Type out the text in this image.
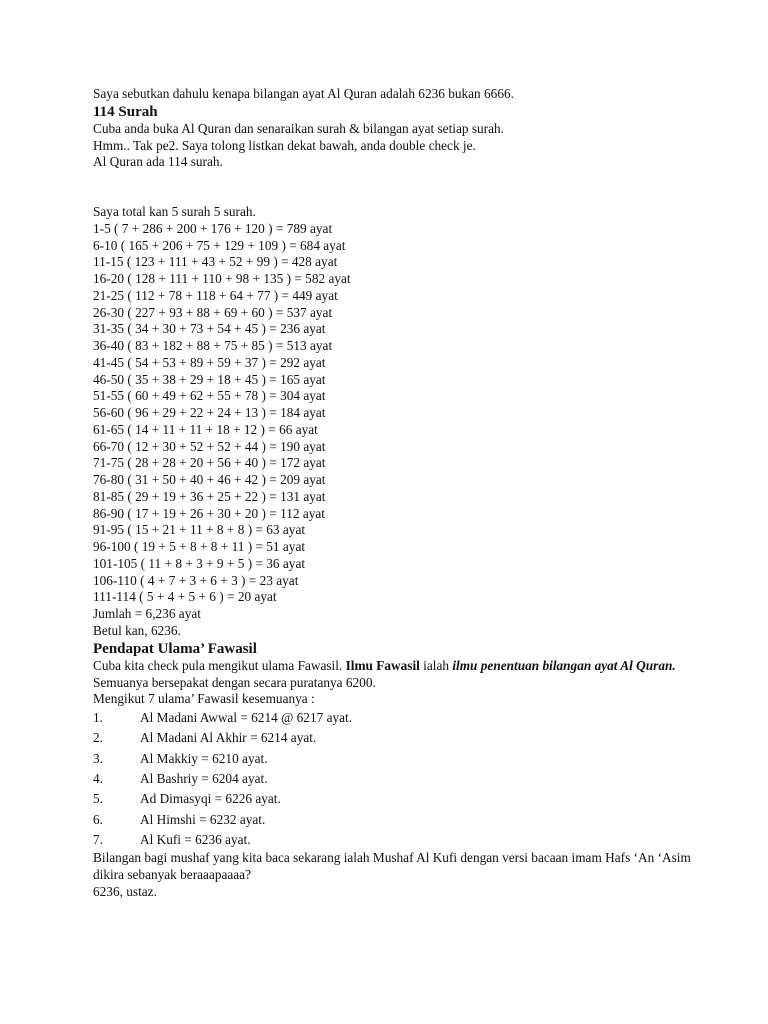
Saya sebutkan dahulu kenapa bilangan ayat Al Quran adalah 6236 bukan 6666.
114 Surah
Cuba anda buka Al Quran dan senaraikan surah & bilangan ayat setiap surah.
Hmm.. Tak pe2. Saya tolong listkan dekat bawah, anda double check je.
Al Quran ada 114 surah.
Saya total kan 5 surah 5 surah.
1-5 ( 7 + 286 + 200 + 176 + 120 ) = 789 ayat
6-10 ( 165 + 206 + 75 + 129 + 109 ) = 684 ayat
11-15 ( 123 + 111 + 43 + 52 + 99 ) = 428 ayat
16-20 ( 128 + 111 + 110 + 98 + 135 ) = 582 ayat
21-25 ( 112 + 78 + 118 + 64 + 77 ) = 449 ayat
26-30 ( 227 + 93 + 88 + 69 + 60 ) = 537 ayat
31-35 ( 34 + 30 + 73 + 54 + 45 ) = 236 ayat
36-40 ( 83 + 182 + 88 + 75 + 85 ) = 513 ayat
41-45 ( 54 + 53 + 89 + 59 + 37 ) = 292 ayat
46-50 ( 35 + 38 + 29 + 18 + 45 ) = 165 ayat
51-55 ( 60 + 49 + 62 + 55 + 78 ) = 304 ayat
56-60 ( 96 + 29 + 22 + 24 + 13 ) = 184 ayat
61-65 ( 14 + 11 + 11 + 18 + 12 ) = 66 ayat
66-70 ( 12 + 30 + 52 + 52 + 44 ) = 190 ayat
71-75 ( 28 + 28 + 20 + 56 + 40 ) = 172 ayat
76-80 ( 31 + 50 + 40 + 46 + 42 ) = 209 ayat
81-85 ( 29 + 19 + 36 + 25 + 22 ) = 131 ayat
86-90 ( 17 + 19 + 26 + 30 + 20 ) = 112 ayat
91-95 ( 15 + 21 + 11 + 8 + 8 ) = 63 ayat
96-100 ( 19 + 5 + 8 + 8 + 11 ) = 51 ayat
101-105 ( 11 + 8 + 3 + 9 + 5 ) = 36 ayat
106-110 ( 4 + 7 + 3 + 6 + 3 ) = 23 ayat
111-114 ( 5 + 4 + 5 + 6 ) = 20 ayat
Jumlah = 6,236 ayat
Betul kan, 6236.
Pendapat Ulama’ Fawasil
Cuba kita check pula mengikut ulama Fawasil. Ilmu Fawasil ialah ilmu penentuan bilangan ayat Al Quran.
Semuanya bersepakat dengan secara puratanya 6200.
Mengikut 7 ulama’ Fawasil kesemuanya :
1.	Al Madani Awwal = 6214 @ 6217 ayat.
2.	Al Madani Al Akhir = 6214 ayat.
3.	Al Makkiy = 6210 ayat.
4.	Al Bashriy = 6204 ayat.
5.	Ad Dimasyqi = 6226 ayat.
6.	Al Himshi = 6232 ayat.
7.	Al Kufi = 6236 ayat.
Bilangan bagi mushaf yang kita baca sekarang ialah Mushaf Al Kufi dengan versi bacaan imam Hafs ‘An ‘Asim dikira sebanyak beraaapaaaa?
6236, ustaz.
